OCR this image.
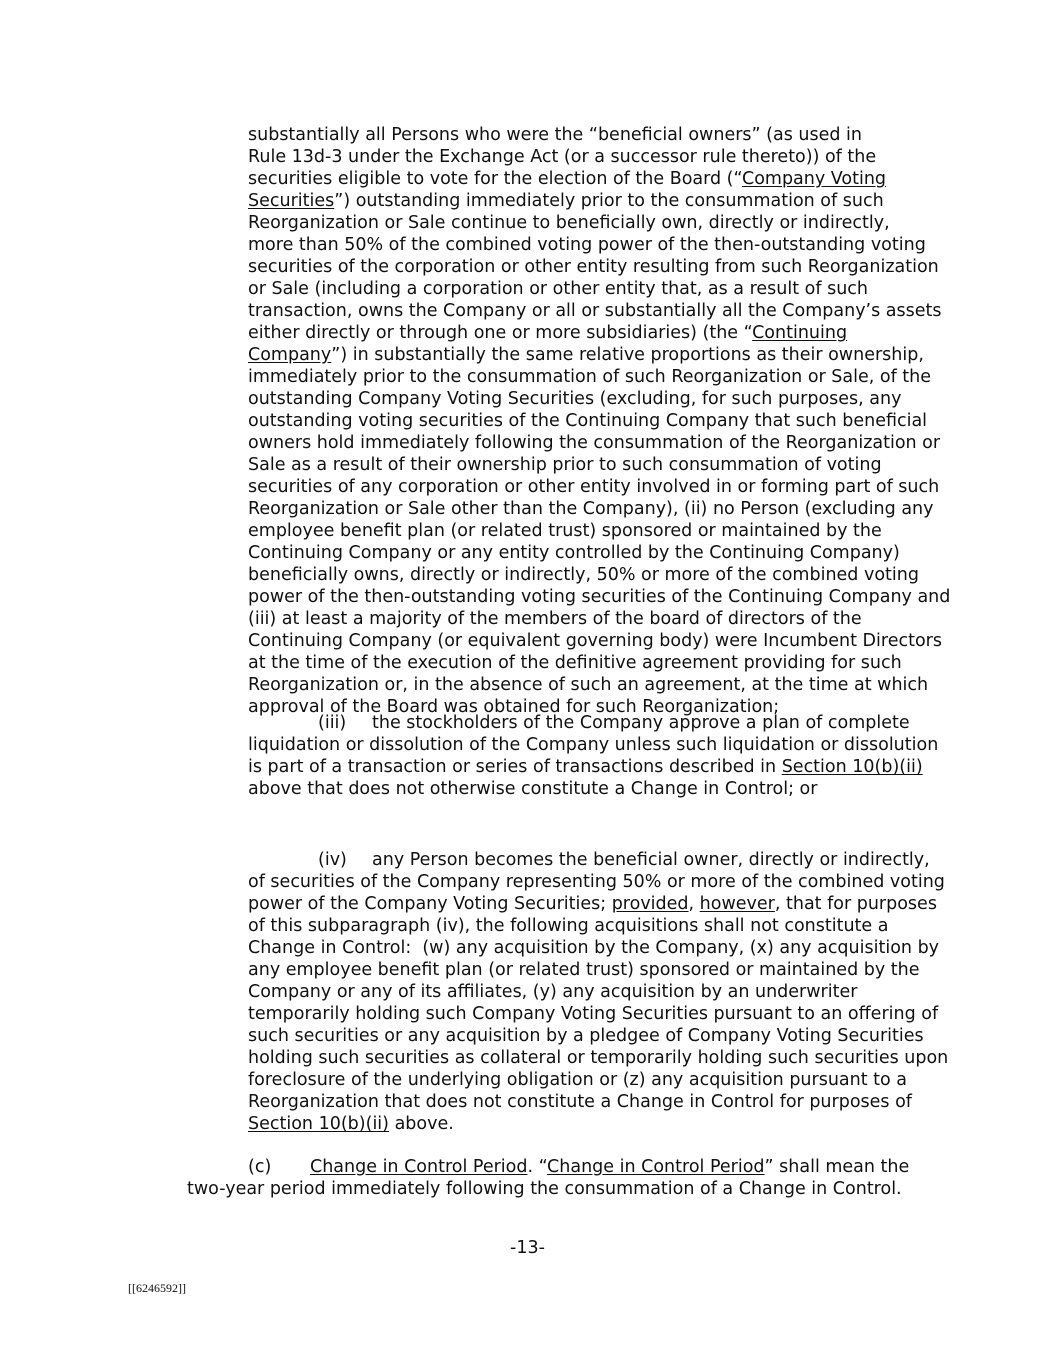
substantially all Persons who were the “beneficial owners” (as used in
Rule 13d-3 under the Exchange Act (or a successor rule thereto)) of the
securities eligible to vote for the election of the Board (“Company Voting
Securities”) outstanding immediately prior to the consummation of such
Reorganization or Sale continue to beneficially own, directly or indirectly,
more than 50% of the combined voting power of the then-outstanding voting
securities of the corporation or other entity resulting from such Reorganization
or Sale (including a corporation or other entity that, as a result of such
transaction, owns the Company or all or substantially all the Company’s assets
either directly or through one or more subsidiaries) (the “Continuing
Company”) in substantially the same relative proportions as their ownership,
immediately prior to the consummation of such Reorganization or Sale, of the
outstanding Company Voting Securities (excluding, for such purposes, any
outstanding voting securities of the Continuing Company that such beneficial
owners hold immediately following the consummation of the Reorganization or
Sale as a result of their ownership prior to such consummation of voting
securities of any corporation or other entity involved in or forming part of such
Reorganization or Sale other than the Company), (ii) no Person (excluding any
employee benefit plan (or related trust) sponsored or maintained by the
Continuing Company or any entity controlled by the Continuing Company)
beneficially owns, directly or indirectly, 50% or more of the combined voting
power of the then-outstanding voting securities of the Continuing Company and
(iii) at least a majority of the members of the board of directors of the
Continuing Company (or equivalent governing body) were Incumbent Directors
at the time of the execution of the definitive agreement providing for such
Reorganization or, in the absence of such an agreement, at the time at which
approval of the Board was obtained for such Reorganization;
(iii) the stockholders of the Company approve a plan of complete
liquidation or dissolution of the Company unless such liquidation or dissolution
is part of a transaction or series of transactions described in Section 10(b)(ii)
above that does not otherwise constitute a Change in Control; or
(iv) any Person becomes the beneficial owner, directly or indirectly,
of securities of the Company representing 50% or more of the combined voting
power of the Company Voting Securities; provided, however, that for purposes
of this subparagraph (iv), the following acquisitions shall not constitute a
Change in Control:  (w) any acquisition by the Company, (x) any acquisition by
any employee benefit plan (or related trust) sponsored or maintained by the
Company or any of its affiliates, (y) any acquisition by an underwriter
temporarily holding such Company Voting Securities pursuant to an offering of
such securities or any acquisition by a pledgee of Company Voting Securities
holding such securities as collateral or temporarily holding such securities upon
foreclosure of the underlying obligation or (z) any acquisition pursuant to a
Reorganization that does not constitute a Change in Control for purposes of
Section 10(b)(ii) above.
(c) Change in Control Period. “Change in Control Period” shall mean the
two-year period immediately following the consummation of a Change in Control.
-13-
[[6246592]]
